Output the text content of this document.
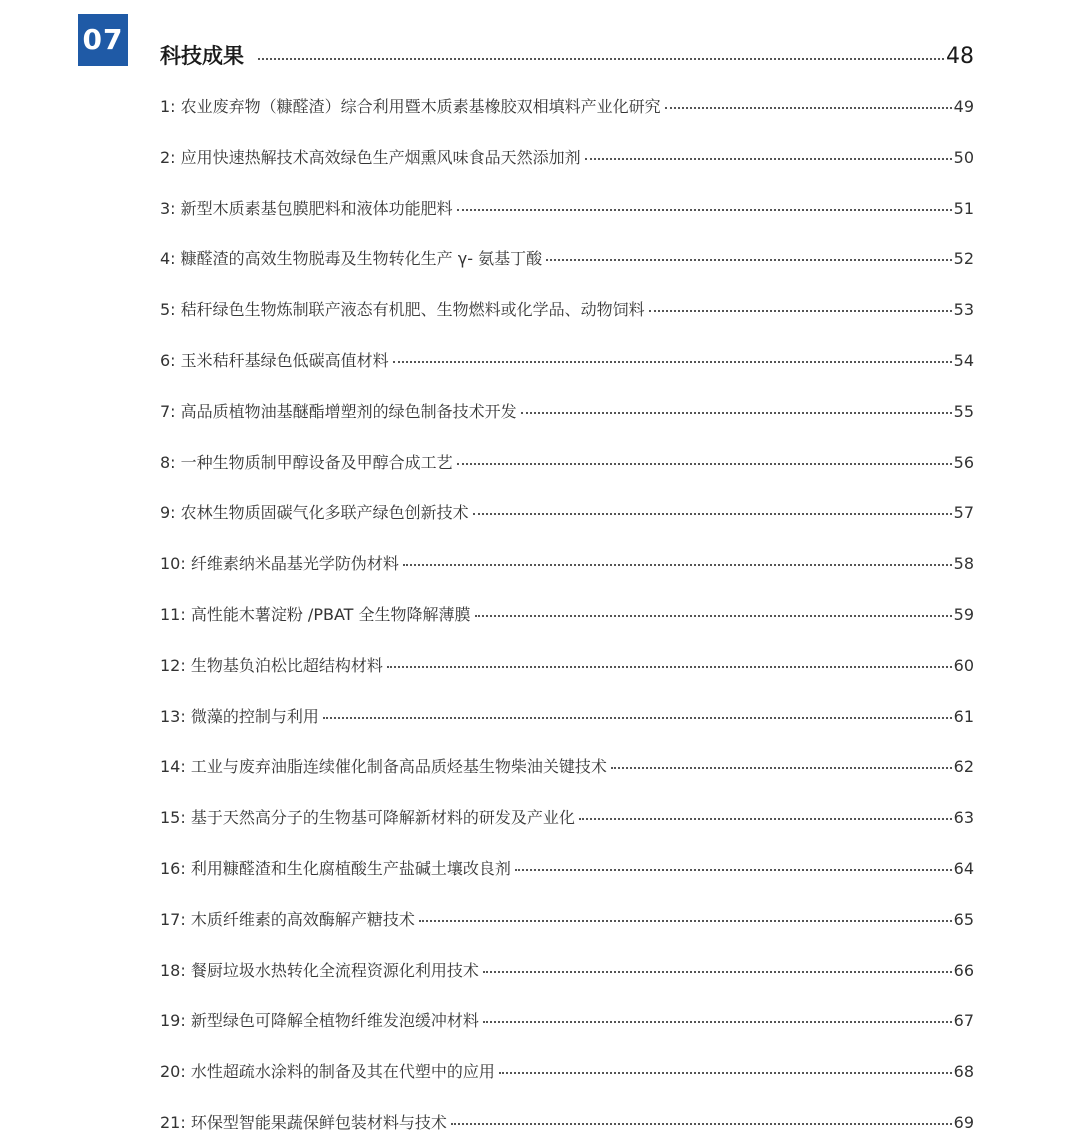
07 科技成果	48
1: 农业废弃物（糠醛渣）综合利用暨木质素基橡胶双相填料产业化研究	49
2: 应用快速热解技术高效绿色生产烟熏风味食品天然添加剂	50
3: 新型木质素基包膜肥料和液体功能肥料	51
4: 糠醛渣的高效生物脱毒及生物转化生产 γ- 氨基丁酸	52
5: 秸秆绿色生物炼制联产液态有机肥、生物燃料或化学品、动物饲料	53
6: 玉米秸秆基绿色低碳高值材料	54
7: 高品质植物油基醚酯增塑剂的绿色制备技术开发	55
8: 一种生物质制甲醇设备及甲醇合成工艺	56
9: 农林生物质固碳气化多联产绿色创新技术	57
10: 纤维素纳米晶基光学防伪材料	58
11: 高性能木薯淀粉 /PBAT 全生物降解薄膜	59
12: 生物基负泊松比超结构材料	60
13: 微藻的控制与利用	61
14: 工业与废弃油脂连续催化制备高品质烃基生物柴油关键技术	62
15: 基于天然高分子的生物基可降解新材料的研发及产业化	63
16: 利用糠醛渣和生化腐植酸生产盐碱土壤改良剂	64
17: 木质纤维素的高效酶解产糖技术	65
18: 餐厨垃圾水热转化全流程资源化利用技术	66
19: 新型绿色可降解全植物纤维发泡缓冲材料	67
20: 水性超疏水涂料的制备及其在代塑中的应用	68
21: 环保型智能果蔬保鲜包装材料与技术	69
